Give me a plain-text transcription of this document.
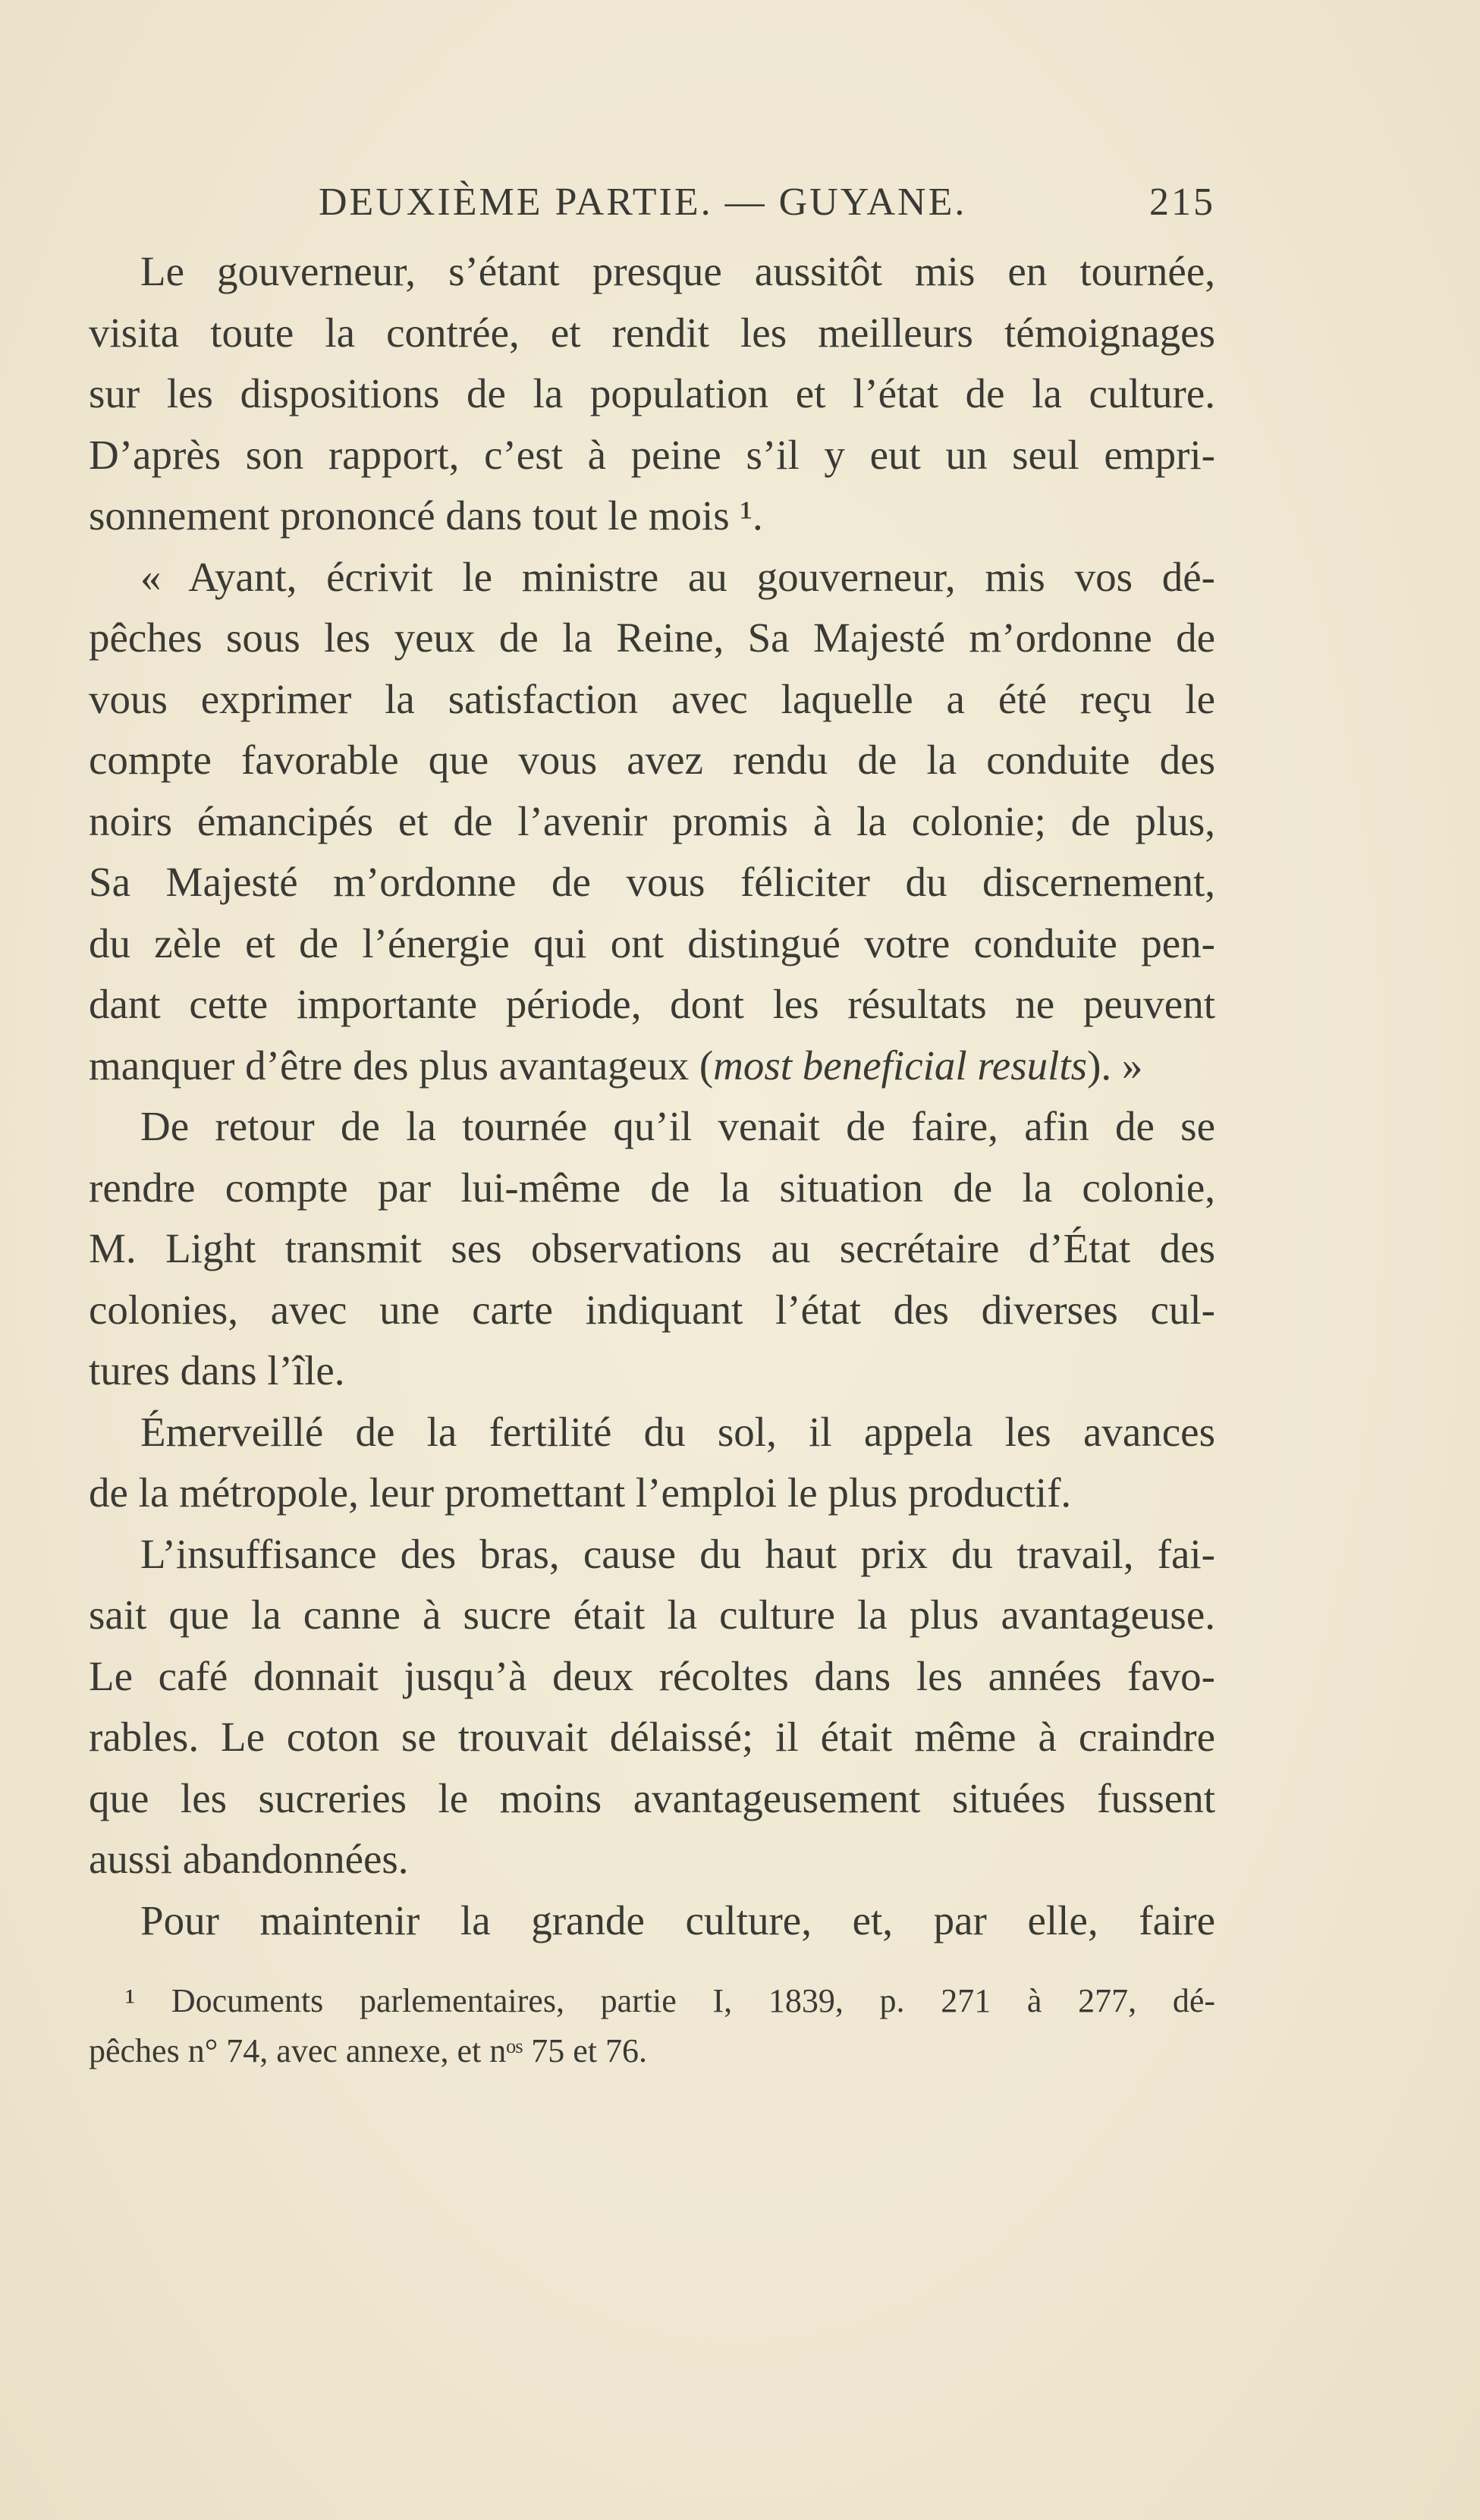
DEUXIÈME PARTIE. — GUYANE.	215
Le gouverneur, s’étant presque aussitôt mis en tournée,
visita toute la contrée, et rendit les meilleurs témoignages
sur les dispositions de la population et l’état de la culture.
D’après son rapport, c’est à peine s’il y eut un seul empri-
sonnement prononcé dans tout le mois ¹.
« Ayant, écrivit le ministre au gouverneur, mis vos dé-
pêches sous les yeux de la Reine, Sa Majesté m’ordonne de
vous exprimer la satisfaction avec laquelle a été reçu le
compte favorable que vous avez rendu de la conduite des
noirs émancipés et de l’avenir promis à la colonie; de plus,
Sa Majesté m’ordonne de vous féliciter du discernement,
du zèle et de l’énergie qui ont distingué votre conduite pen-
dant cette importante période, dont les résultats ne peuvent
manquer d’être des plus avantageux (most beneficial results). »
De retour de la tournée qu’il venait de faire, afin de se
rendre compte par lui-même de la situation de la colonie,
M. Light transmit ses observations au secrétaire d’État des
colonies, avec une carte indiquant l’état des diverses cul-
tures dans l’île.
Émerveillé de la fertilité du sol, il appela les avances
de la métropole, leur promettant l’emploi le plus productif.
L’insuffisance des bras, cause du haut prix du travail, fai-
sait que la canne à sucre était la culture la plus avantageuse.
Le café donnait jusqu’à deux récoltes dans les années favo-
rables. Le coton se trouvait délaissé; il était même à craindre
que les sucreries le moins avantageusement situées fussent
aussi abandonnées.
Pour maintenir la grande culture, et, par elle, faire
¹ Documents parlementaires, partie I, 1839, p. 271 à 277, dé-
pêches n° 74, avec annexe, et nᵒˢ 75 et 76.
